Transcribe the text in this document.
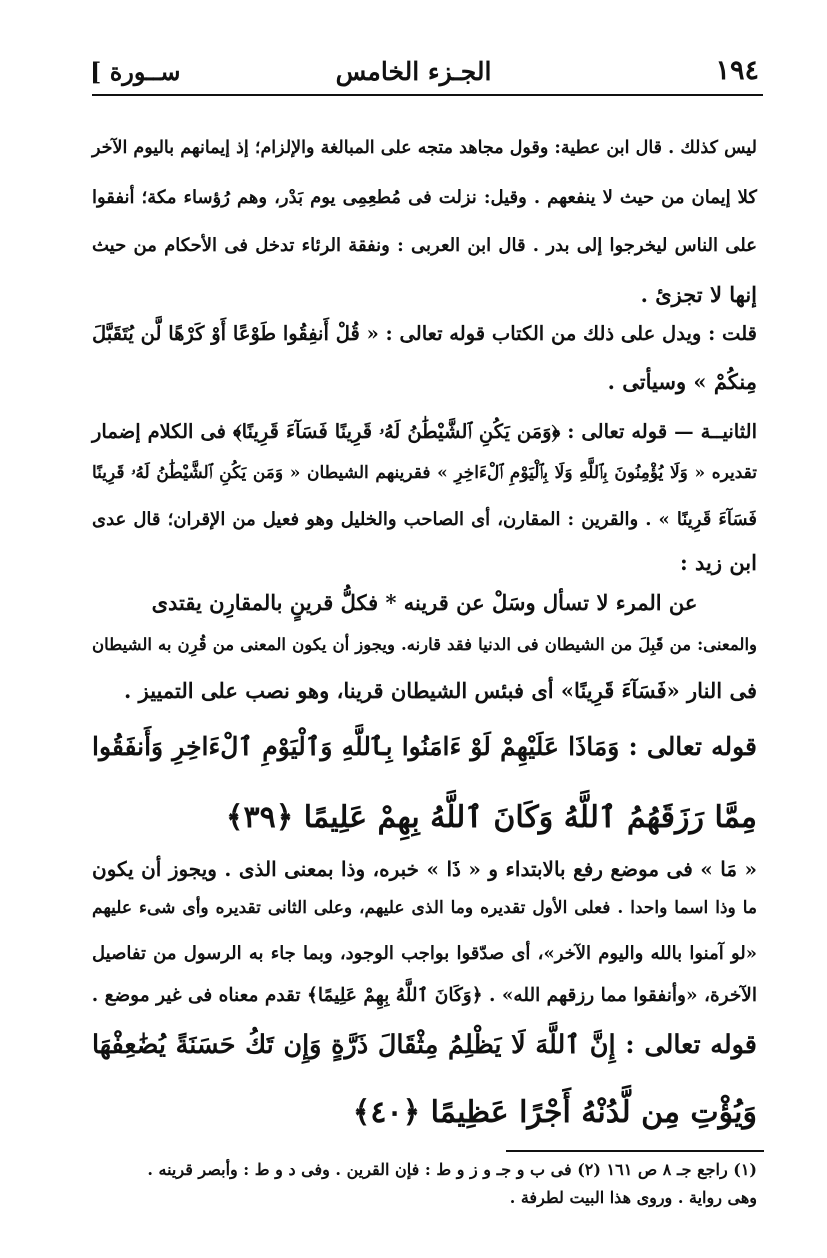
١٩٤
الجـزء الخامس
[ ســورة
ليس كذلك . قال ابن عطية: وقول مجاهد متجه على المبالغة والإلزام؛ إذ إيمانهم باليوم الآخر
كلا إيمان من حيث لا ينفعهم . وقيل: نزلت فى مُطعِمِى يوم بَدْر، وهم رُؤساء مكة؛ أنفقوا
على الناس ليخرجوا إلى بدر . قال ابن العربى : ونفقة الرئاء تدخل فى الأحكام من حيث
إنها لا تجزئ .
قلت : ويدل على ذلك من الكتاب قوله تعالى : « قُلْ أَنفِقُوا طَوْعًا أَوْ كَرْهًا لَّن يُتَقَبَّلَ
مِنكُمْ » وسيأتى .
الثانيــة — قوله تعالى : ﴿وَمَن يَكُنِ ٱلشَّيْطَٰنُ لَهُۥ قَرِينًا فَسَآءَ قَرِينًا﴾ فى الكلام إضمار
تقديره « وَلَا يُؤْمِنُونَ بِٱللَّهِ وَلَا بِٱلْيَوْمِ ٱلْءَاخِرِ » فقرينهم الشيطان « وَمَن يَكُنِ ٱلشَّيْطَٰنُ لَهُۥ قَرِينًا
فَسَآءَ قَرِينًا » . والقرين : المقارن، أى الصاحب والخليل وهو فعيل من الإقران؛ قال عدى
ابن زيد :
عن المرء لا تسأل وسَلْ عن قرينه * فكلُّ قرينٍ بالمقارِن يقتدى
والمعنى: من قَبِلَ من الشيطان فى الدنيا فقد قارنه. ويجوز أن يكون المعنى من قُرِن به الشيطان
فى النار «فَسَآءَ قَرِينًا» أى فبئس الشيطان قرينا، وهو نصب على التمييز .
قوله تعالى : وَمَاذَا عَلَيْهِمْ لَوْ ءَامَنُوا بِٱللَّهِ وَٱلْيَوْمِ ٱلْءَاخِرِ وَأَنفَقُوا
مِمَّا رَزَقَهُمُ ٱللَّهُ وَكَانَ ٱللَّهُ بِهِمْ عَلِيمًا ﴿٣٩﴾
« مَا » فى موضع رفع بالابتداء و « ذَا » خبره، وذا بمعنى الذى . ويجوز أن يكون
ما وذا اسما واحدا . فعلى الأول تقديره وما الذى عليهم، وعلى الثانى تقديره وأى شىء عليهم
«لو آمنوا بالله واليوم الآخر»، أى صدّقوا بواجب الوجود، وبما جاء به الرسول من تفاصيل
الآخرة، «وأنفقوا مما رزقهم الله» . ﴿وَكَانَ ٱللَّهُ بِهِمْ عَلِيمًا﴾ تقدم معناه فى غير موضع .
قوله تعالى : إِنَّ ٱللَّهَ لَا يَظْلِمُ مِثْقَالَ ذَرَّةٍ وَإِن تَكُ حَسَنَةً يُضَٰعِفْهَا
وَيُؤْتِ مِن لَّدُنْهُ أَجْرًا عَظِيمًا ﴿٤٠﴾
(١) راجع جـ ٨ ص ١٦١ (٢) فى ب و جـ و ز و ط : فإن القرين . وفى د و ط : وأبصر قرينه .
وهى رواية . وروى هذا البيت لطرفة .
